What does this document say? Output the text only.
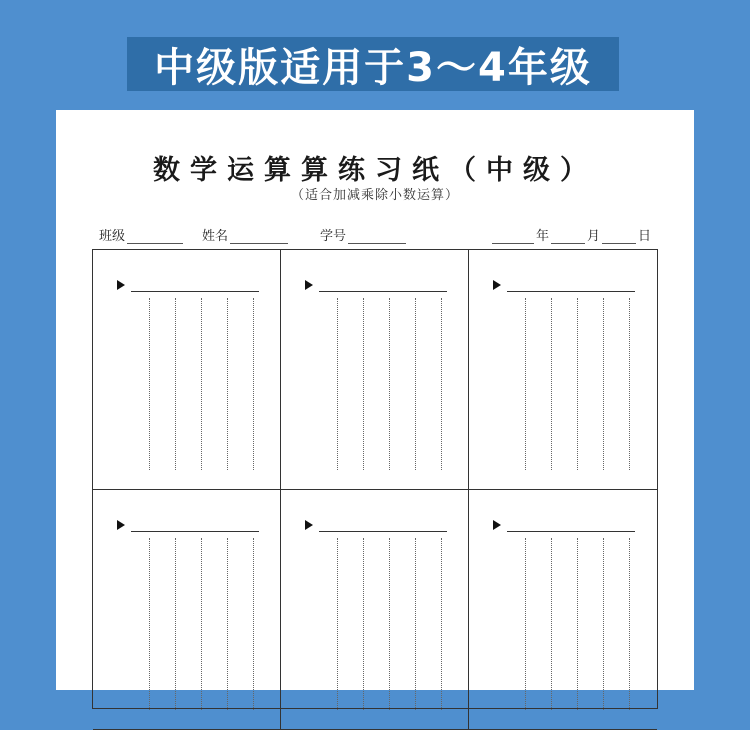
中级版适用于3～4年级
数学运算算练习纸（中级）
（适合加减乘除小数运算）
班级	姓名	学号	年	月	日
